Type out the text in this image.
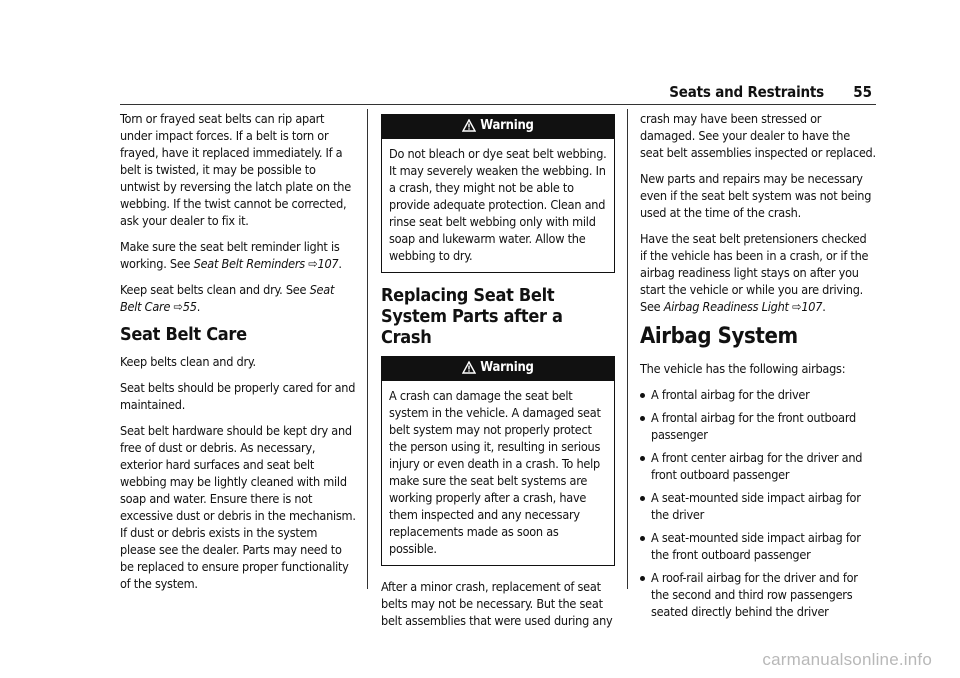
Seats and Restraints 55

Torn or frayed seat belts can rip apart under impact forces. If a belt is torn or frayed, have it replaced immediately. If a belt is twisted, it may be possible to untwist by reversing the latch plate on the webbing. If the twist cannot be corrected, ask your dealer to fix it.

Make sure the seat belt reminder light is working. See Seat Belt Reminders ⇨107.

Keep seat belts clean and dry. See Seat Belt Care ⇨55.

Seat Belt Care

Keep belts clean and dry.

Seat belts should be properly cared for and maintained.

Seat belt hardware should be kept dry and free of dust or debris. As necessary, exterior hard surfaces and seat belt webbing may be lightly cleaned with mild soap and water. Ensure there is not excessive dust or debris in the mechanism. If dust or debris exists in the system please see the dealer. Parts may need to be replaced to ensure proper functionality of the system.

Warning
Do not bleach or dye seat belt webbing. It may severely weaken the webbing. In a crash, they might not be able to provide adequate protection. Clean and rinse seat belt webbing only with mild soap and lukewarm water. Allow the webbing to dry.
Replacing Seat Belt System Parts after a Crash
Warning
A crash can damage the seat belt system in the vehicle. A damaged seat belt system may not properly protect the person using it, resulting in serious injury or even death in a crash. To help make sure the seat belt systems are working properly after a crash, have them inspected and any necessary replacements made as soon as possible.

After a minor crash, replacement of seat belts may not be necessary. But the seat belt assemblies that were used during any

crash may have been stressed or damaged. See your dealer to have the seat belt assemblies inspected or replaced.

New parts and repairs may be necessary even if the seat belt system was not being used at the time of the crash.

Have the seat belt pretensioners checked if the vehicle has been in a crash, or if the airbag readiness light stays on after you start the vehicle or while you are driving. See Airbag Readiness Light ⇨107.

Airbag System

The vehicle has the following airbags:

A frontal airbag for the driver
A frontal airbag for the front outboard passenger
A front center airbag for the driver and front outboard passenger
A seat-mounted side impact airbag for the driver
A seat-mounted side impact airbag for the front outboard passenger
A roof-rail airbag for the driver and for the second and third row passengers seated directly behind the driver
carmanualsonline.info
